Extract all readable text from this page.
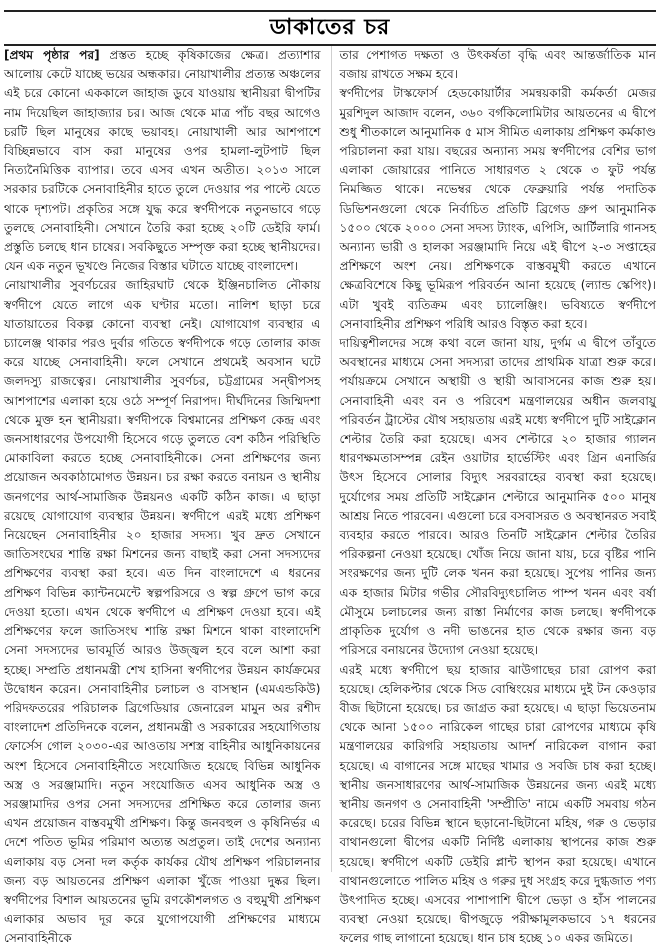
ডাকাতের চর

[প্রথম পৃষ্ঠার পর] প্রস্তত হচ্ছে কৃষিকাজের ক্ষেত্র। প্রত্যাশার আলোয় কেটে যাচ্ছে ভয়ের অন্ধকার। নোয়াখালীর প্রত্যন্ত অঞ্চলের এই চরে কোনো এককালে জাহাজ ডুবে যাওয়ায় স্থানীয়রা দ্বীপটির নাম দিয়েছিল জাহাজ্যার চর। আজ থেকে মাত্র পাঁচ বছর আগেও চরটি ছিল মানুষের কাছে ভয়াবহ। নোয়াখালী আর আশপাশে বিচ্ছিন্নভাবে বাস করা মানুষের ওপর হামলা-লুটপাট ছিল নিত্যনৈমিত্তিক ব্যাপার। তবে এসব এখন অতীত। ২০১৩ সালে সরকার চরটিকে সেনাবাহিনীর হাতে তুলে দেওয়ার পর পাল্টে যেতে থাকে দৃশ্যপট। প্রকৃতির সঙ্গে যুদ্ধ করে স্বর্ণদীপকে নতুনভাবে গড়ে তুলছে সেনাবাহিনী। সেখানে তৈরি করা হচ্ছে ২০টি ডেইরি ফার্ম। প্রস্তুতি চলছে ধান চাষের। সবকিছুতে সম্পৃক্ত করা হচ্ছে স্থানীয়দের। যেন এক নতুন ভূখণ্ডে নিজের বিস্তার ঘটাতে যাচ্ছে বাংলাদেশ।

নোয়াখালীর সুবর্ণচরের জাহিরঘাট থেকে ইঞ্জিনচালিত নৌকায় স্বর্ণদীপে যেতে লাগে এক ঘণ্টার মতো। নালিশ ছাড়া চরে যাতায়াতের বিকল্প কোনো ব্যবস্থা নেই। যোগাযোগ ব্যবস্থার এ চ্যালেঞ্জ থাকার পরও দুর্বার গতিতে স্বর্ণদীপকে গড়ে তোলার কাজ করে যাচ্ছে সেনাবাহিনী। ফলে সেখানে প্রথমেই অবসান ঘটে জলদস্যু রাজত্বের। নোয়াখালীর সুবর্ণচর, চট্টগ্রামের সন্দ্বীপসহ আশপাশের এলাকা হয়ে ওঠে সম্পূর্ণ নিরাপদ। দীর্ঘদিনের জিম্মিদশা থেকে মুক্ত হন স্থানীয়রা। স্বর্ণদীপকে বিশ্বমানের প্রশিক্ষণ কেন্দ্র এবং জনসাধারণের উপযোগী হিসেবে গড়ে তুলতে বেশ কঠিন পরিস্থিতি মোকাবিলা করতে হচ্ছে সেনাবাহিনীকে। সেনা প্রশিক্ষণের জন্য প্রয়োজন অবকাঠামোগত উন্নয়ন। চর রক্ষা করতে বনায়ন ও স্থানীয় জনগণের আর্থ-সামাজিক উন্নয়নও একটি কঠিন কাজ। এ ছাড়া রয়েছে যোগাযোগ ব্যবস্থার উন্নয়ন। স্বর্ণদীপে এরই মধ্যে প্রশিক্ষণ নিয়েছেন সেনাবাহিনীর ২০ হাজার সদস্য। খুব দ্রুত সেখানে জাতিসংঘের শান্তি রক্ষা মিশনের জন্য বাছাই করা সেনা সদস্যদের প্রশিক্ষণের ব্যবস্থা করা হবে। এত দিন বাংলাদেশে এ ধরনের প্রশিক্ষণ বিভিন্ন ক্যান্টনমেন্টে স্বল্পপরিসরে ও স্বল্প গ্রুপে ভাগ করে দেওয়া হতো। এখন থেকে স্বর্ণদীপে এ প্রশিক্ষণ দেওয়া হবে। এই প্রশিক্ষণের ফলে জাতিসংঘ শান্তি রক্ষা মিশনে থাকা বাংলাদেশি সেনা সদস্যদের ভাবমূর্তি আরও উজ্জ্বল হবে বলে আশা করা হচ্ছে। সম্প্রতি প্রধানমন্ত্রী শেখ হাসিনা স্বর্ণদীপের উন্নয়ন কার্যক্রমের উদ্বোধন করেন। সেনাবাহিনীর চলাচল ও বাসস্থান (এমএন্ডকিউ) পরিদফতরের পরিচালক ব্রিগেডিয়ার জেনারেল মামুন অর রশীদ বাংলাদেশ প্রতিদিনকে বলেন, প্রধানমন্ত্রী ও সরকারের সহযোগিতায় ফোর্সেস গোল ২০৩০-এর আওতায় সশস্ত্র বাহিনীর আধুনিকায়নের অংশ হিসেবে সেনাবাহিনীতে সংযোজিত হয়েছে বিভিন্ন আধুনিক অস্ত্র ও সরঞ্জামাদি। নতুন সংযোজিত এসব আধুনিক অস্ত্র ও সরঞ্জামাদির ওপর সেনা সদস্যদের প্রশিক্ষিত করে তোলার জন্য এখন প্রয়োজন বাস্তবমুখী প্রশিক্ষণ। কিন্তু জনবহুল ও কৃষিনির্ভর এ দেশে পতিত ভূমির পরিমাণ অত্যন্ত অপ্রতুল। তাই দেশের অন্যান্য এলাকায় বড় সেনা দল কর্তৃক কার্যকর যৌথ প্রশিক্ষণ পরিচালনার জন্য বড় আয়তনের প্রশিক্ষণ এলাকা খুঁজে পাওয়া দুষ্কর ছিল। স্বর্ণদীপের বিশাল আয়তনের ভূমি রণকৌশলগত ও বহুমুখী প্রশিক্ষণ এলাকার অভাব দূর করে যুগোপযোগী প্রশিক্ষণের মাধ্যমে সেনাবাহিনীকে

তার পেশাগত দক্ষতা ও উৎকর্ষতা বৃদ্ধি এবং আন্তর্জাতিক মান বজায় রাখতে সক্ষম হবে।

স্বর্ণদীপের টাস্কফোর্স হেডকোয়ার্টার সমন্বয়কারী কর্মকর্তা মেজর মুরশিদুল আজাদ বলেন, ৩৬০ বর্গকিলোমিটার আয়তনের এ দ্বীপে শুধু শীতকালে আনুমানিক ৫ মাস সীমিত এলাকায় প্রশিক্ষণ কর্মকাণ্ড পরিচালনা করা যায়। বছরের অন্যান্য সময় স্বর্ণদীপের বেশির ভাগ এলাকা জোয়ারের পানিতে সাধারণত ২ থেকে ৩ ফুট পর্যন্ত নিমজ্জিত থাকে। নভেম্বর থেকে ফেব্রুয়ারি পর্যন্ত পদাতিক ডিভিশনগুলো থেকে নির্বাচিত প্রতিটি ব্রিগেড গ্রুপ আনুমানিক ১৫০০ থেকে ২০০০ সেনা সদস্য ট্যাংক, এপিসি, আর্টিলারি গানসহ অন্যান্য ভারী ও হালকা সরঞ্জামাদি নিয়ে এই দ্বীপে ২-৩ সপ্তাহের প্রশিক্ষণে অংশ নেয়। প্রশিক্ষণকে বাস্তবমুখী করতে এখানে ক্ষেত্রবিশেষে কিছু ভূমিরূপ পরিবর্তন আনা হয়েছে (ল্যান্ড স্কেপিং)। এটা খুবই ব্যতিক্রম এবং চ্যালেঞ্জিং। ভবিষ্যতে স্বর্ণদীপে সেনাবাহিনীর প্রশিক্ষণ পরিধি আরও বিস্তৃত করা হবে।

দায়িত্বশীলদের সঙ্গে কথা বলে জানা যায়, দুর্গম এ দ্বীপে তাঁবুতে অবস্থানের মাধ্যমে সেনা সদস্যরা তাদের প্রাথমিক যাত্রা শুরু করে। পর্যায়ক্রমে সেখানে অস্থায়ী ও স্থায়ী আবাসনের কাজ শুরু হয়। সেনাবাহিনী এবং বন ও পরিবেশ মন্ত্রণালয়ের অধীন জলবায়ু পরিবর্তন ট্রাস্টের যৌথ সহায়তায় এরই মধ্যে স্বর্ণদীপে দুটি সাইক্লোন শেল্টার তৈরি করা হয়েছে। এসব শেল্টারে ২০ হাজার গ্যালন ধারণক্ষমতাসম্পন্ন রেইন ওয়াটার হার্ভেস্টিং এবং গ্রিন এনার্জির উৎস হিসেবে সোলার বিদ্যুৎ সরবরাহের ব্যবস্থা করা হয়েছে। দুর্যোগের সময় প্রতিটি সাইক্লোন শেল্টারে আনুমানিক ৫০০ মানুষ আশ্রয় নিতে পারবেন। এগুলো চরে বসবাসরত ও অবস্থানরত সবাই ব্যবহার করতে পারবে। আরও তিনটি সাইক্লোন শেল্টার তৈরির পরিকল্পনা নেওয়া হয়েছে। খোঁজ নিয়ে জানা যায়, চরে বৃষ্টির পানি সংরক্ষণের জন্য দুটি লেক খনন করা হয়েছে। সুপেয় পানির জন্য এক হাজার মিটার গভীর সৌরবিদ্যুৎচালিত পাম্প খনন এবং বর্ষা মৌসুমে চলাচলের জন্য রাস্তা নির্মাণের কাজ চলছে। স্বর্ণদীপকে প্রাকৃতিক দুর্যোগ ও নদী ভাঙনের হাত থেকে রক্ষার জন্য বড় পরিসরে বনায়নের উদ্যোগ নেওয়া হয়েছে।

এরই মধ্যে স্বর্ণদীপে ছয় হাজার ঝাউগাছের চারা রোপণ করা হয়েছে। হেলিকপ্টার থেকে সিড বোম্বিংয়ের মাধ্যমে দুই টন কেওড়ার বীজ ছিটানো হয়েছে। চর জাগ্রত করা হয়েছে। এ ছাড়া ভিয়েতনাম থেকে আনা ১৫০০ নারিকেল গাছের চারা রোপণের মাধ্যমে কৃষি মন্ত্রণালয়ের কারিগরি সহায়তায় আদর্শ নারিকেল বাগান করা হয়েছে। এ বাগানের সঙ্গে মাছের খামার ও সবজি চাষ করা হচ্ছে। স্থানীয় জনসাধারণের আর্থ-সামাজিক উন্নয়নের জন্য এরই মধ্যে স্থানীয় জনগণ ও সেনাবাহিনী 'সম্প্রীতি' নামে একটি সমবায় গঠন করেছে। চরের বিভিন্ন স্থানে ছড়ানো-ছিটানো মহিষ, গরু ও ভেড়ার বাথানগুলো দ্বীপের একটি নির্দিষ্ট এলাকায় স্থাপনের কাজ শুরু হয়েছে। স্বর্ণদীপে একটি ডেইরি প্লান্ট স্থাপন করা হয়েছে। এখানে বাথানগুলোতে পালিত মহিষ ও গরুর দুধ সংগ্রহ করে দুগ্ধজাত পণ্য উৎপাদিত হচ্ছে। এসবের পাশাপাশি দ্বীপে ভেড়া ও হাঁস পালনের ব্যবস্থা নেওয়া হয়েছে। দ্বীপজুড়ে পরীক্ষামূলকভাবে ১৭ ধরনের ফলের গাছ লাগানো হয়েছে। ধান চাষ হচ্ছে ১০ একর জমিতে।
